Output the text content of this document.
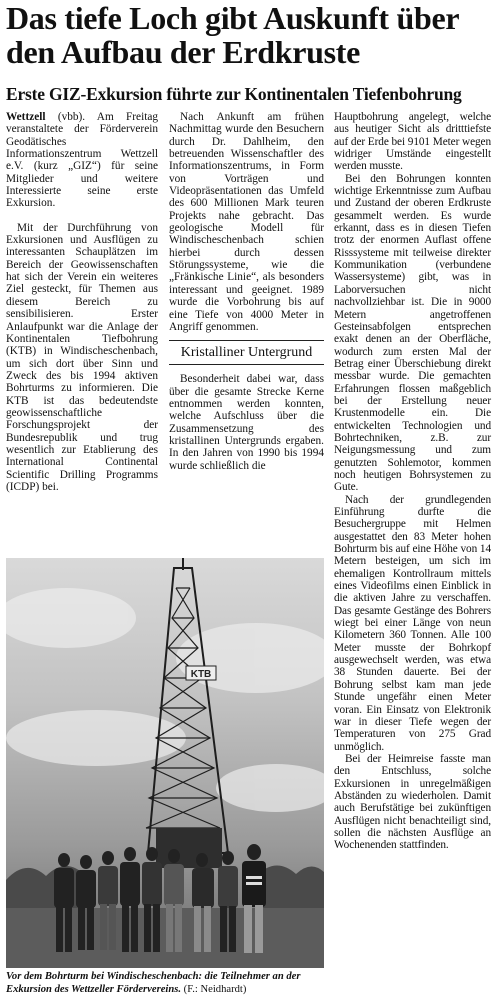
Das tiefe Loch gibt Auskunft über den Aufbau der Erdkruste
Erste GIZ-Exkursion führte zur Kontinentalen Tiefenbohrung

Wettzell (vbb). Am Freitag veranstaltete der Förderverein Geodätisches Informationszentrum Wettzell e.V. (kurz „GIZ“) für seine Mitglieder und weitere Interessierte seine erste Exkursion.

Mit der Durchführung von Exkursionen und Ausflügen zu interessanten Schauplätzen im Bereich der Geowissenschaften hat sich der Verein ein weiteres Ziel gesteckt, für Themen aus diesem Bereich zu sensibilisieren. Erster Anlaufpunkt war die Anlage der Kontinentalen Tiefbohrung (KTB) in Windischeschenbach, um sich dort über Sinn und Zweck des bis 1994 aktiven Bohrturms zu informieren. Die KTB ist das bedeutendste geowissenschaftliche Forschungsprojekt der Bundesrepublik und trug wesentlich zur Etablierung des International Continental Scientific Drilling Programms (ICDP) bei.

Nach Ankunft am frühen Nachmittag wurde den Besuchern durch Dr. Dahlheim, den betreuenden Wissenschaftler des Informationszentrums, in Form von Vorträgen und Videopräsentationen das Umfeld des 600 Millionen Mark teuren Projekts nahe gebracht. Das geologische Modell für Windischeschenbach schien hierbei durch dessen Störungssysteme, wie die „Fränkische Linie“, als besonders interessant und geeignet. 1989 wurde die Vorbohrung bis auf eine Tiefe von 4000 Meter in Angriff genommen.

Kristalliner Untergrund

Besonderheit dabei war, dass über die gesamte Strecke Kerne entnommen werden konnten, welche Aufschluss über die Zusammensetzung des kristallinen Untergrunds ergaben. In den Jahren von 1990 bis 1994 wurde schließlich die

Hauptbohrung angelegt, welche aus heutiger Sicht als dritttiefste auf der Erde bei 9101 Meter wegen widriger Umstände eingestellt werden musste.

Bei den Bohrungen konnten wichtige Erkenntnisse zum Aufbau und Zustand der oberen Erdkruste gesammelt werden. Es wurde erkannt, dass es in diesen Tiefen trotz der enormen Auflast offene Risssysteme mit teilweise direkter Kommunikation (verbundene Wassersysteme) gibt, was in Laborversuchen nicht nachvollziehbar ist. Die in 9000 Metern angetroffenen Gesteinsabfolgen entsprechen exakt denen an der Oberfläche, wodurch zum ersten Mal der Betrag einer Überschiebung direkt messbar wurde. Die gemachten Erfahrungen flossen maßgeblich bei der Erstellung neuer Krustenmodelle ein. Die entwickelten Technologien und Bohrtechniken, z.B. zur Neigungsmessung und zum genutzten Sohlemotor, kommen noch heutigen Bohrsystemen zu Gute.

Nach der grundlegenden Einführung durfte die Besuchergruppe mit Helmen ausgestattet den 83 Meter hohen Bohrturm bis auf eine Höhe von 14 Metern besteigen, um sich im ehemaligen Kontrollraum mittels eines Videofilms einen Einblick in die aktiven Jahre zu verschaffen. Das gesamte Gestänge des Bohrers wiegt bei einer Länge von neun Kilometern 360 Tonnen. Alle 100 Meter musste der Bohrkopf ausgewechselt werden, was etwa 38 Stunden dauerte. Bei der Bohrung selbst kam man jede Stunde ungefähr einen Meter voran. Ein Einsatz von Elektronik war in dieser Tiefe wegen der Temperaturen von 275 Grad unmöglich.

Bei der Heimreise fasste man den Entschluss, solche Exkursionen in unregelmäßigen Abständen zu wiederholen. Damit auch Berufstätige bei zukünftigen Ausflügen nicht benachteiligt sind, sollen die nächsten Ausflüge an Wochenenden stattfinden.

KTB
Vor dem Bohrturm bei Windischeschenbach: die Teilnehmer an der Exkursion des Wettzeller Fördervereins. (F.: Neidhardt)
